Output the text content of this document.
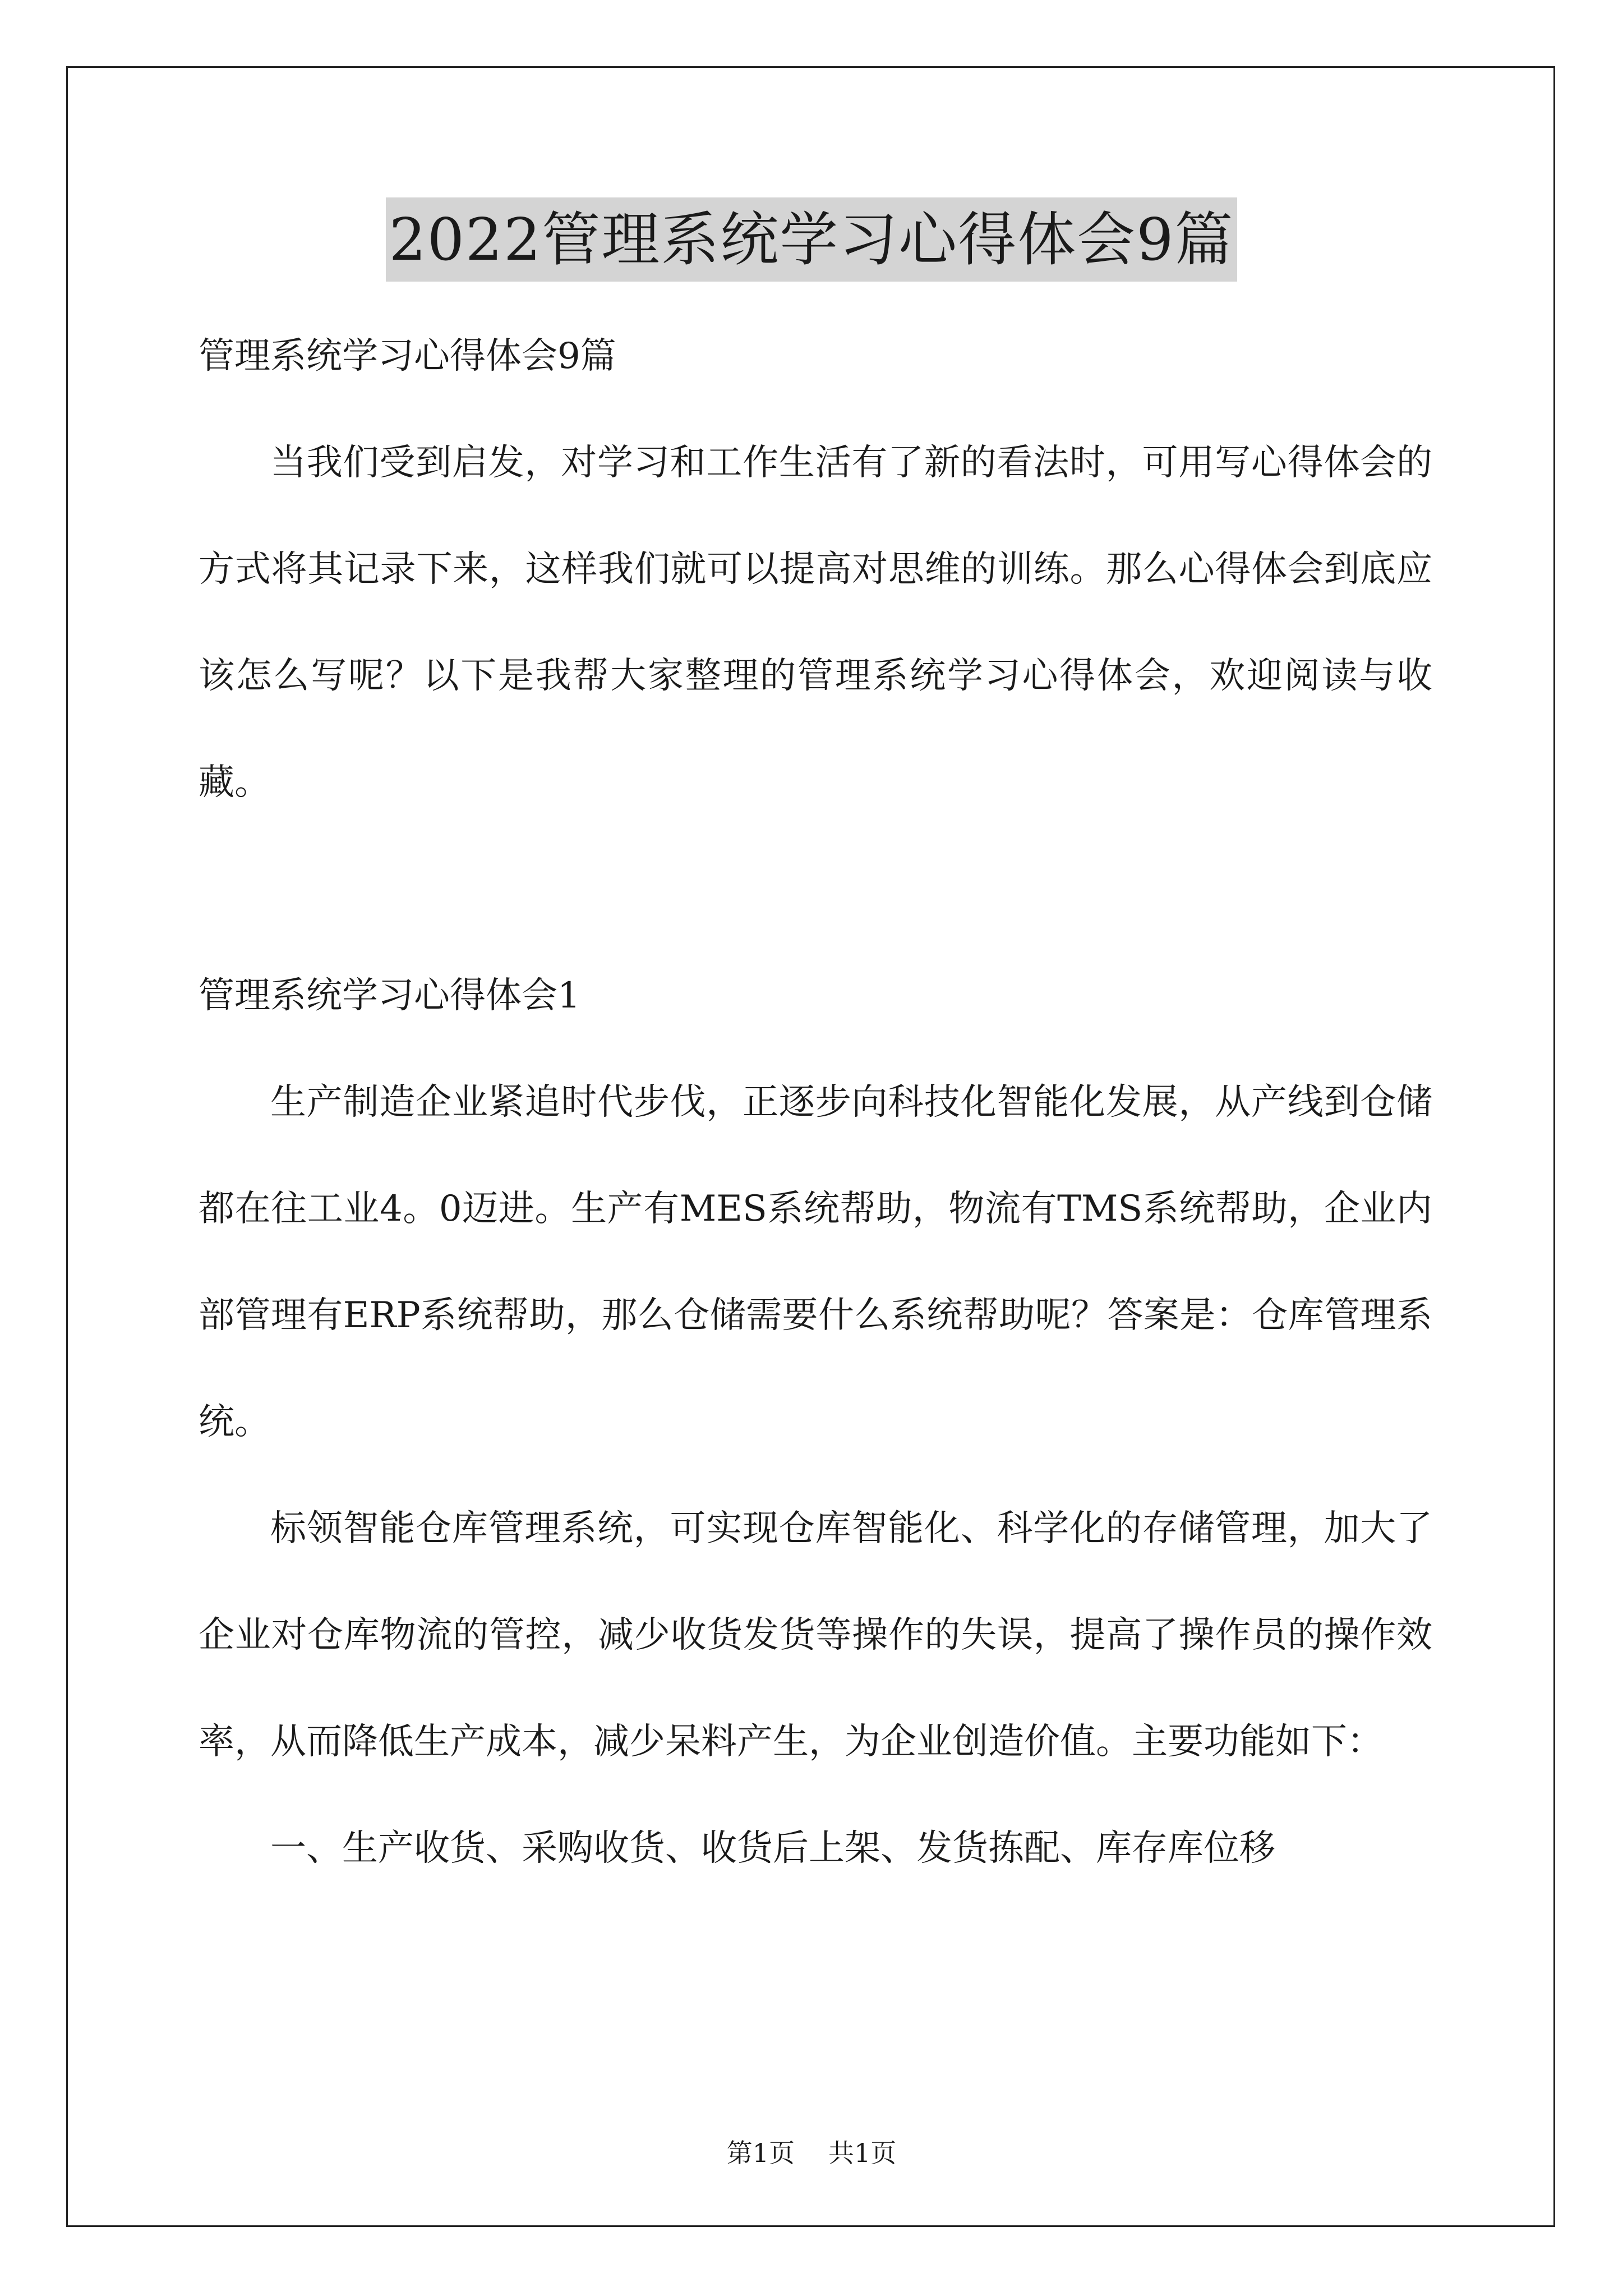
2022管理系统学习心得体会9篇

管理系统学习心得体会9篇

当我们受到启发，对学习和工作生活有了新的看法时，可用写心得体会的方式将其记录下来，这样我们就可以提高对思维的训练。那么心得体会到底应该怎么写呢？以下是我帮大家整理的管理系统学习心得体会，欢迎阅读与收藏。

管理系统学习心得体会1

生产制造企业紧追时代步伐，正逐步向科技化智能化发展，从产线到仓储都在往工业4。0迈进。生产有MES系统帮助，物流有TMS系统帮助，企业内部管理有ERP系统帮助，那么仓储需要什么系统帮助呢？答案是：仓库管理系统。

标领智能仓库管理系统，可实现仓库智能化、科学化的存储管理，加大了企业对仓库物流的管控，减少收货发货等操作的失误，提高了操作员的操作效率，从而降低生产成本，减少呆料产生，为企业创造价值。主要功能如下：

一、生产收货、采购收货、收货后上架、发货拣配、库存库位移

第1页 共1页
